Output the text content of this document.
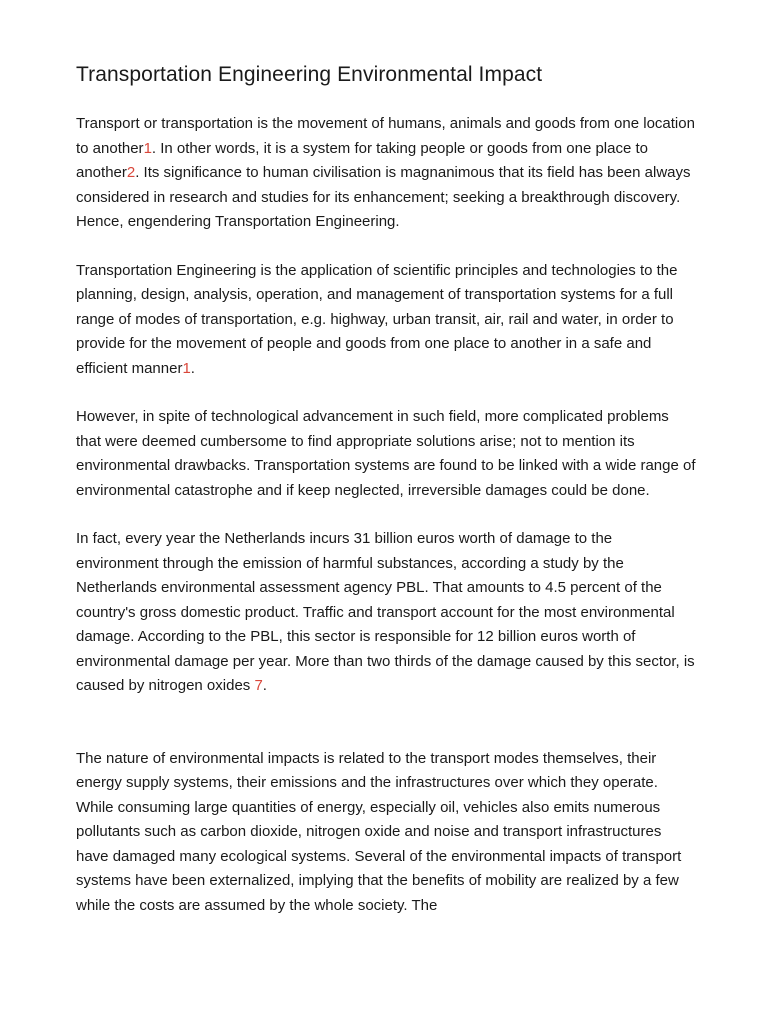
Transportation Engineering Environmental Impact

Transport or transportation is the movement of humans, animals and goods from one location to another1. In other words, it is a system for taking people or goods from one place to another2. Its significance to human civilisation is magnanimous that its field has been always considered in research and studies for its enhancement; seeking a breakthrough discovery. Hence, engendering Transportation Engineering.

Transportation Engineering is the application of scientific principles and technologies to the planning, design, analysis, operation, and management of transportation systems for a full range of modes of transportation, e.g. highway, urban transit, air, rail and water, in order to provide for the movement of people and goods from one place to another in a safe and efficient manner1.

However, in spite of technological advancement in such field, more complicated problems that were deemed cumbersome to find appropriate solutions arise; not to mention its environmental drawbacks. Transportation systems are found to be linked with a wide range of environmental catastrophe and if keep neglected, irreversible damages could be done.

In fact, every year the Netherlands incurs 31 billion euros worth of damage to the environment through the emission of harmful substances, according a study by the Netherlands environmental assessment agency PBL. That amounts to 4.5 percent of the country's gross domestic product. Traffic and transport account for the most environmental damage. According to the PBL, this sector is responsible for 12 billion euros worth of environmental damage per year. More than two thirds of the damage caused by this sector, is caused by nitrogen oxides 7.

The nature of environmental impacts is related to the transport modes themselves, their energy supply systems, their emissions and the infrastructures over which they operate. While consuming large quantities of energy, especially oil, vehicles also emits numerous pollutants such as carbon dioxide, nitrogen oxide and noise and transport infrastructures have damaged many ecological systems. Several of the environmental impacts of transport systems have been externalized, implying that the benefits of mobility are realized by a few while the costs are assumed by the whole society. The
